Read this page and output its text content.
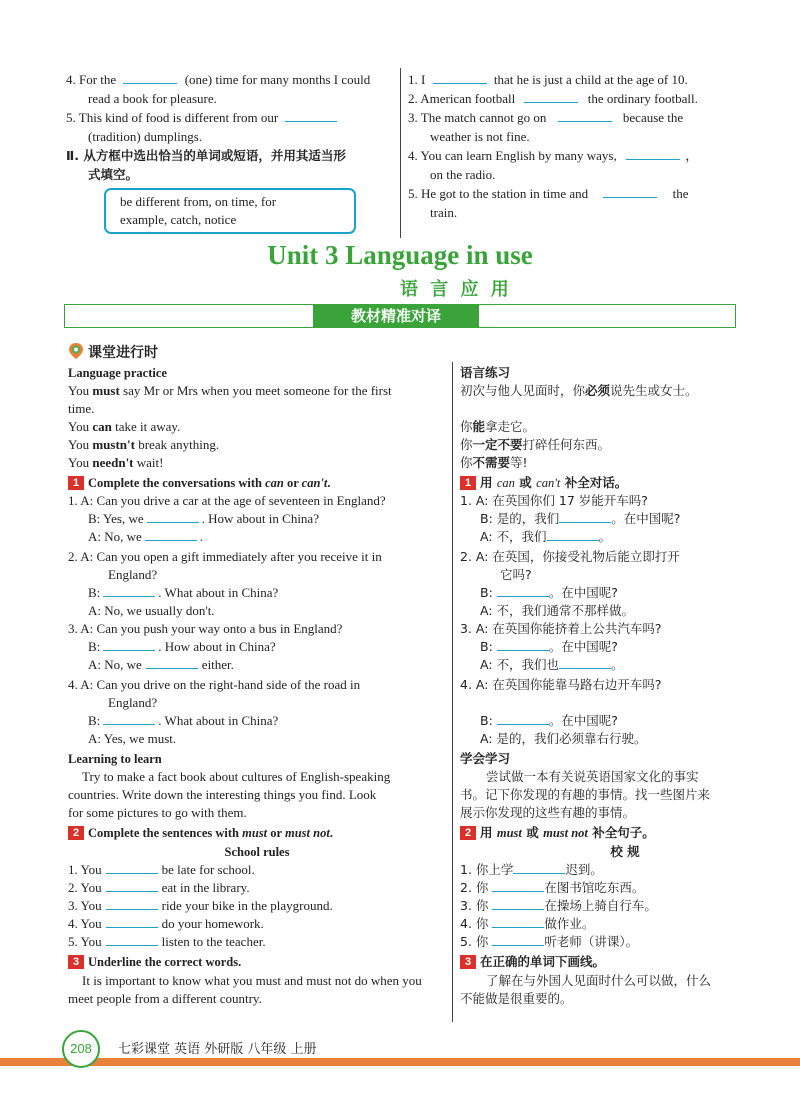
4. For the	(one) time for many months I could
read a book for pleasure.
5. This kind of food is different from our
(tradition) dumplings.
Ⅱ. 从方框中选出恰当的单词或短语，并用其适当形
式填空。
be different from, on time, for
example, catch, notice
1. I	that he is just a child at the age of 10.
2. American football	the ordinary football.
3. The match cannot go on	because the
weather is not fine.
4. You can learn English by many ways,	，
on the radio.
5. He got to the station in time and	the
train.
Unit 3 Language in use
语 言 应 用
教材精准对译
课堂进行时
Language practice
You must say Mr or Mrs when you meet someone for the first
time.
You can take it away.
You mustn't break anything.
You needn't wait!
1 Complete the conversations with can or can't.
1. A: Can you drive a car at the age of seventeen in England?
B: Yes, we	. How about in China?
A: No, we	.
2. A: Can you open a gift immediately after you receive it in
England?
B:	. What about in China?
A: No, we usually don't.
3. A: Can you push your way onto a bus in England?
B:	. How about in China?
A: No, we	either.
4. A: Can you drive on the right-hand side of the road in
England?
B:	. What about in China?
A: Yes, we must.
Learning to learn
Try to make a fact book about cultures of English-speaking
countries. Write down the interesting things you find. Look
for some pictures to go with them.
2 Complete the sentences with must or must not.
School rules
1. You	be late for school.
2. You	eat in the library.
3. You	ride your bike in the playground.
4. You	do your homework.
5. You	listen to the teacher.
3 Underline the correct words.
It is important to know what you must and must not do when you
meet people from a different country.
语言练习
初次与他人见面时，你必须说先生或女士。
你能拿走它。
你一定不要打碎任何东西。
你不需要等!
1 用 can 或 can't 补全对话。
1. A: 在英国你们 17 岁能开车吗?
B: 是的，我们	。在中国呢?
A: 不，我们	。
2. A: 在英国，你接受礼物后能立即打开
它吗?
B:	。在中国呢?
A: 不，我们通常不那样做。
3. A: 在英国你能挤着上公共汽车吗?
B:	。在中国呢?
A: 不，我们也	。
4. A: 在英国你能靠马路右边开车吗?
B:	。在中国呢?
A: 是的，我们必须靠右行驶。
学会学习
尝试做一本有关说英语国家文化的事实
书。记下你发现的有趣的事情。找一些图片来
展示你发现的这些有趣的事情。
2 用 must 或 must not 补全句子。
校 规
1. 你上学	迟到。
2. 你	在图书馆吃东西。
3. 你	在操场上骑自行车。
4. 你	做作业。
5. 你	听老师（讲课）。
3 在正确的单词下画线。
了解在与外国人见面时什么可以做，什么
不能做是很重要的。
208	七彩课堂 英语 外研版 八年级 上册
